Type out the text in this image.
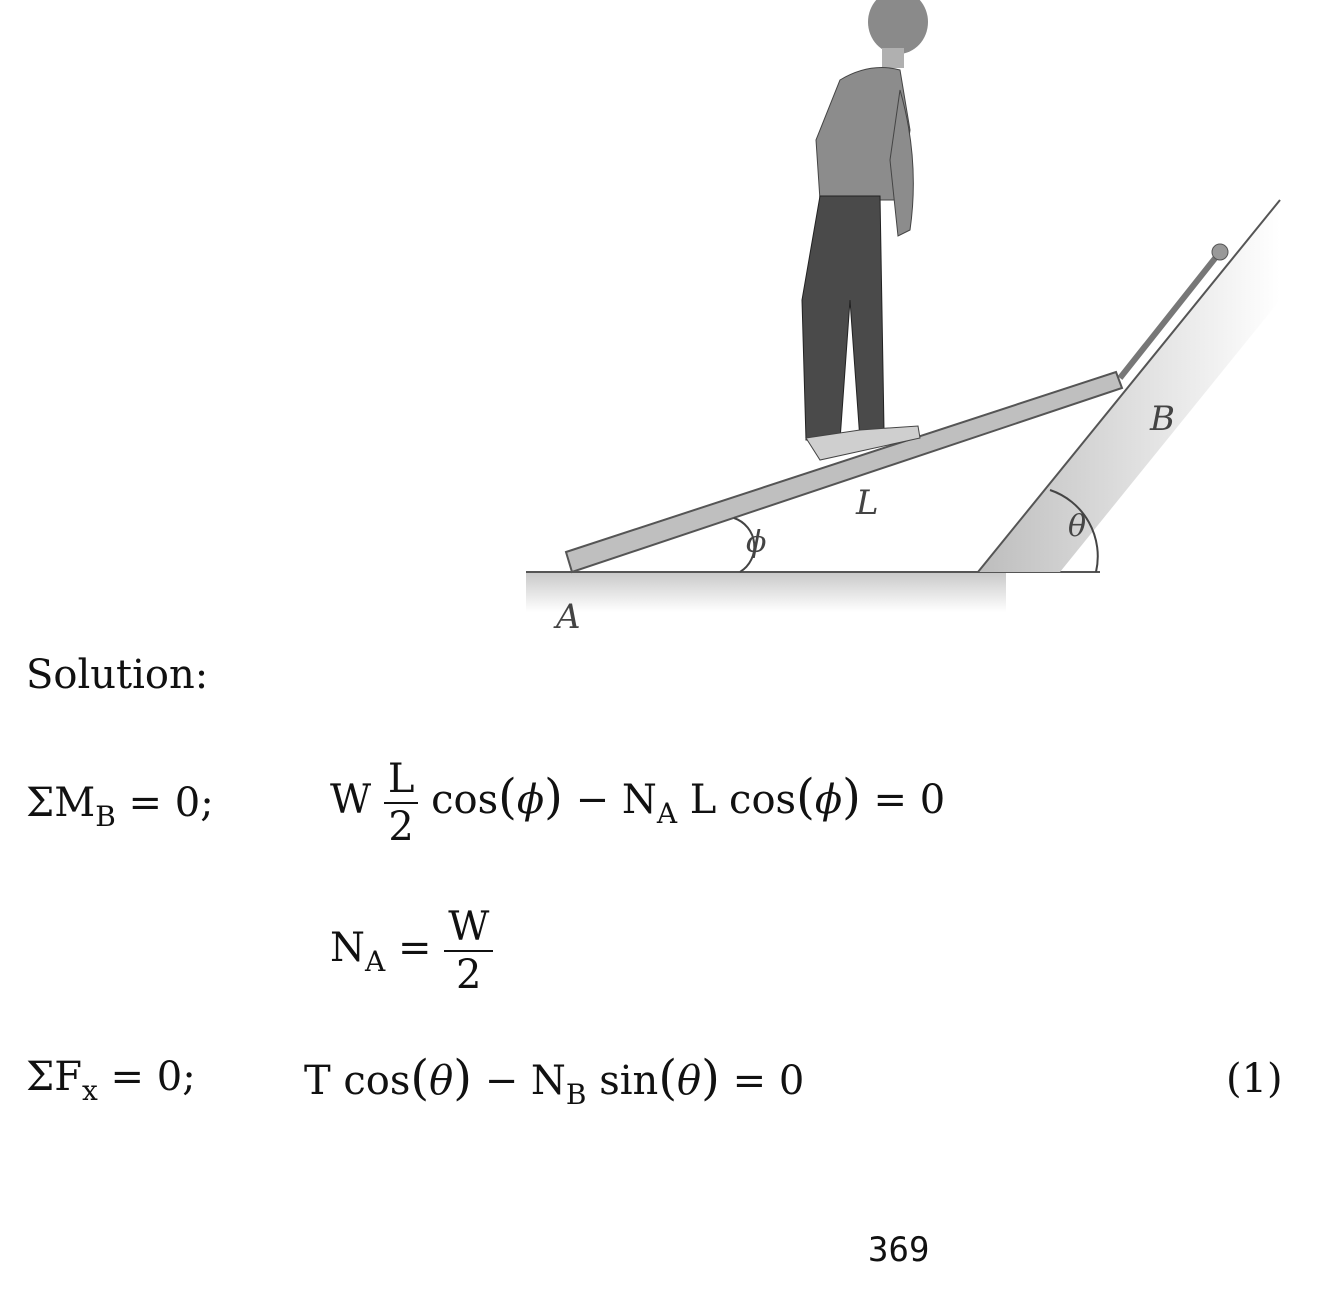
A
B
L
ϕ	θ
Solution:
$\Sigma M_B = 0$;	W $\frac{L}{2} \cos(\phi) - N_A$ L cos(ϕ) = 0
$N_A = \frac{W}{2}$
$\Sigma F_x = 0$;	T $\cos(\theta) - N_B$ sin(θ) = 0	(1)
369
